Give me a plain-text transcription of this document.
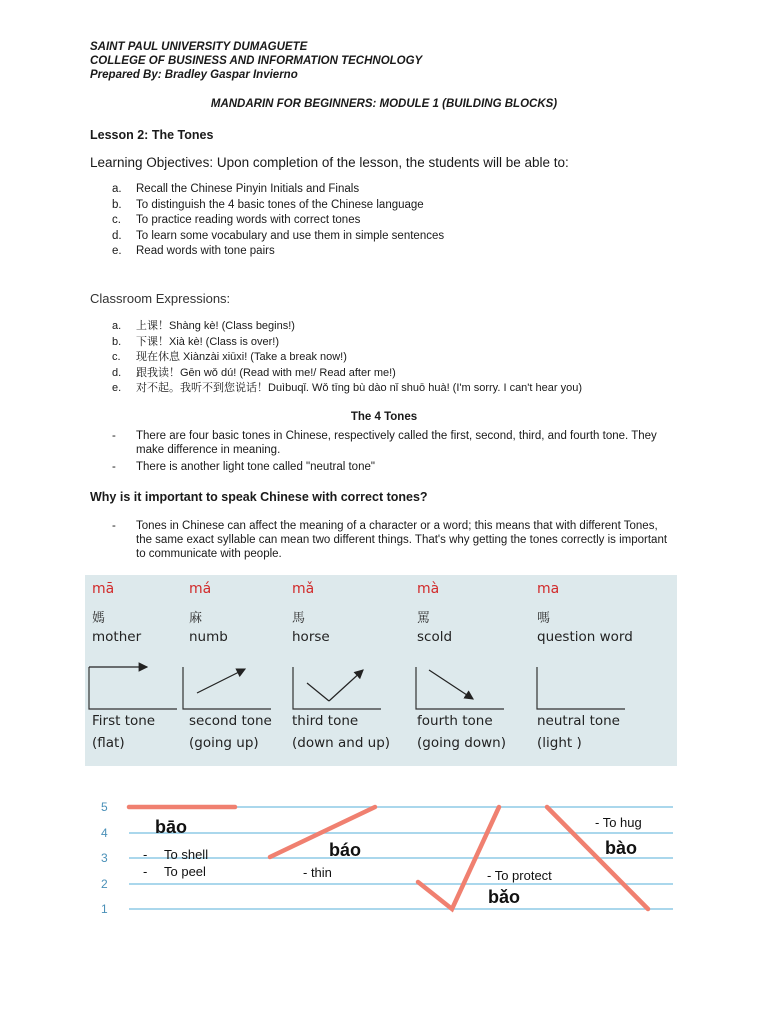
SAINT PAUL UNIVERSITY DUMAGUETE
COLLEGE OF BUSINESS AND INFORMATION TECHNOLOGY
Prepared By: Bradley Gaspar Invierno
MANDARIN FOR BEGINNERS: MODULE 1 (BUILDING BLOCKS)
Lesson 2: The Tones
Learning Objectives: Upon completion of the lesson, the students will be able to:
a. Recall the Chinese Pinyin Initials and Finals
b. To distinguish the 4 basic tones of the Chinese language
c. To practice reading words with correct tones
d. To learn some vocabulary and use them in simple sentences
e. Read words with tone pairs
Classroom Expressions:
a. 上课！Shàng kè! (Class begins!)
b. 下课！Xià kè! (Class is over!)
c. 现在休息 Xiànzài xiūxi! (Take a break now!)
d. 跟我读！Gēn wǒ dú! (Read with me!/ Read after me!)
e. 对不起。我听不到您说话！Duìbuqǐ. Wǒ tīng bù dào nǐ shuō huà! (I'm sorry. I can't hear you)
The 4 Tones
- There are four basic tones in Chinese, respectively called the first, second, third, and fourth tone. They make difference in meaning.
- There is another light tone called "neutral tone"
Why is it important to speak Chinese with correct tones?
- Tones in Chinese can affect the meaning of a character or a word; this means that with different Tones, the same exact syllable can mean two different things. That's why getting the tones correctly is important to communicate with people.
mā
媽
mother
First tone
(flat)
má
麻
numb
second tone
(going up)
mǎ
馬
horse
third tone
(down and up)
mà
罵
scold
fourth tone
(going down)
ma
嗎
question word
neutral tone
(light )
5
4
3
2
1
bāo
- To shell
- To peel
báo
- thin	- To protect
bǎo
- To hug
bào
